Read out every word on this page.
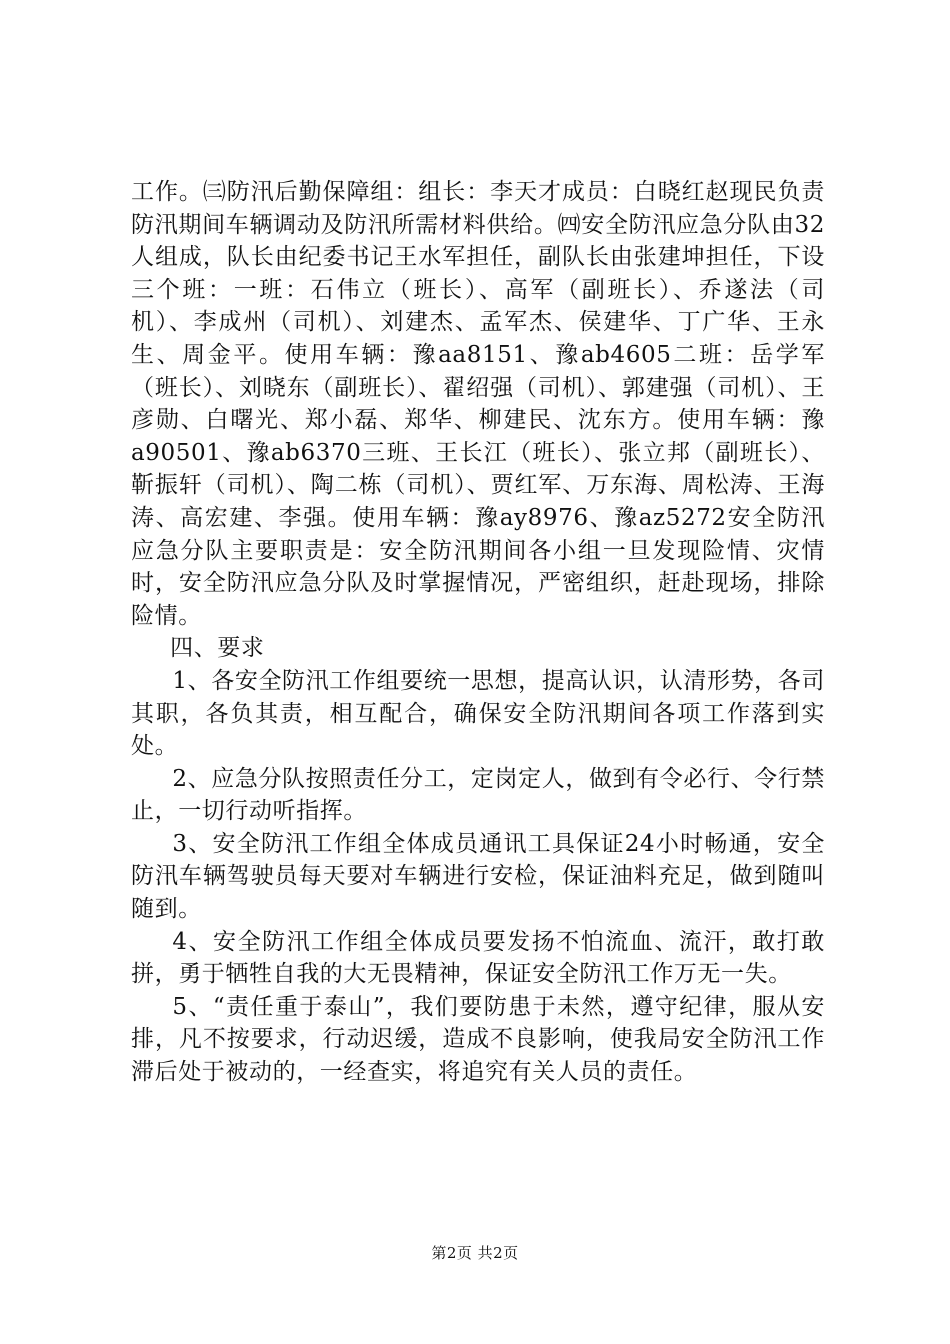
工作。㈢防汛后勤保障组：组长：李天才成员：白晓红赵现民负责防汛期间车辆调动及防汛所需材料供给。㈣安全防汛应急分队由32人组成，队长由纪委书记王水军担任，副队长由张建坤担任，下设三个班：一班：石伟立（班长）、高军（副班长）、乔遂法（司机）、李成州（司机）、刘建杰、孟军杰、侯建华、丁广华、王永生、周金平。使用车辆：豫aa8151、豫ab4605二班：岳学军（班长）、刘晓东（副班长）、翟绍强（司机）、郭建强（司机）、王彦勋、白曙光、郑小磊、郑华、柳建民、沈东方。使用车辆：豫a90501、豫ab6370三班、王长江（班长）、张立邦（副班长）、靳振轩（司机）、陶二栋（司机）、贾红军、万东海、周松涛、王海涛、高宏建、李强。使用车辆：豫ay8976、豫az5272安全防汛应急分队主要职责是：安全防汛期间各小组一旦发现险情、灾情时，安全防汛应急分队及时掌握情况，严密组织，赶赴现场，排除险情。

四、要求

1、各安全防汛工作组要统一思想，提高认识，认清形势，各司其职，各负其责，相互配合，确保安全防汛期间各项工作落到实处。

2、应急分队按照责任分工，定岗定人，做到有令必行、令行禁止，一切行动听指挥。

3、安全防汛工作组全体成员通讯工具保证24小时畅通，安全防汛车辆驾驶员每天要对车辆进行安检，保证油料充足，做到随叫随到。

4、安全防汛工作组全体成员要发扬不怕流血、流汗，敢打敢拼，勇于牺牲自我的大无畏精神，保证安全防汛工作万无一失。

5、“责任重于泰山”，我们要防患于未然，遵守纪律，服从安排，凡不按要求，行动迟缓，造成不良影响，使我局安全防汛工作滞后处于被动的，一经查实，将追究有关人员的责任。

第2页 共2页
